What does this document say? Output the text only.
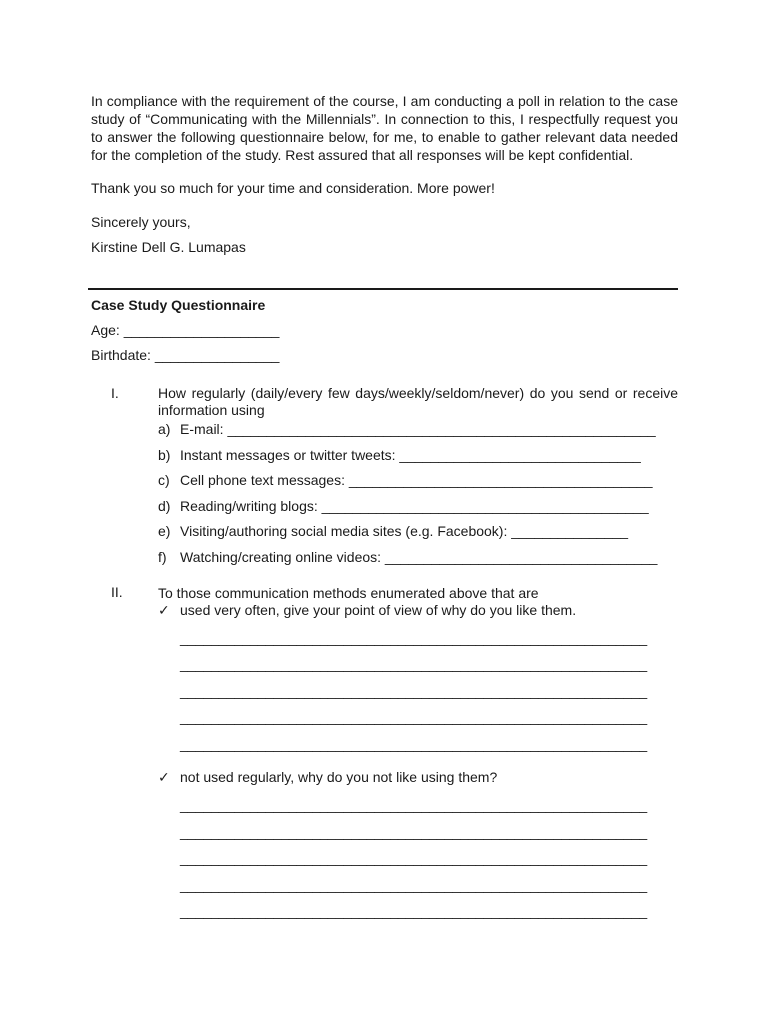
In compliance with the requirement of the course, I am conducting a poll in relation to the case study of “Communicating with the Millennials”. In connection to this, I respectfully request you to answer the following questionnaire below, for me, to enable to gather relevant data needed for the completion of the study. Rest assured that all responses will be kept confidential.

Thank you so much for your time and consideration. More power!

Sincerely yours,

Kirstine Dell G. Lumapas

Case Study Questionnaire

Age: ____________________
Birthdate: ________________
I.	How regularly (daily/every few days/weekly/seldom/never) do you send or receive information using

a) E-mail: _______________________________________________________
b) Instant messages or twitter tweets: _______________________________
c) Cell phone text messages: _______________________________________
d) Reading/writing blogs: __________________________________________
e) Visiting/authoring social media sites (e.g. Facebook): _______________
f) Watching/creating online videos: ___________________________________
II.	To those communication methods enumerated above that are

✓ used very often, give your point of view of why do you like them.
____________________________________________________________
____________________________________________________________
____________________________________________________________
____________________________________________________________
____________________________________________________________
✓ not used regularly, why do you not like using them?
____________________________________________________________
____________________________________________________________
____________________________________________________________
____________________________________________________________
____________________________________________________________
